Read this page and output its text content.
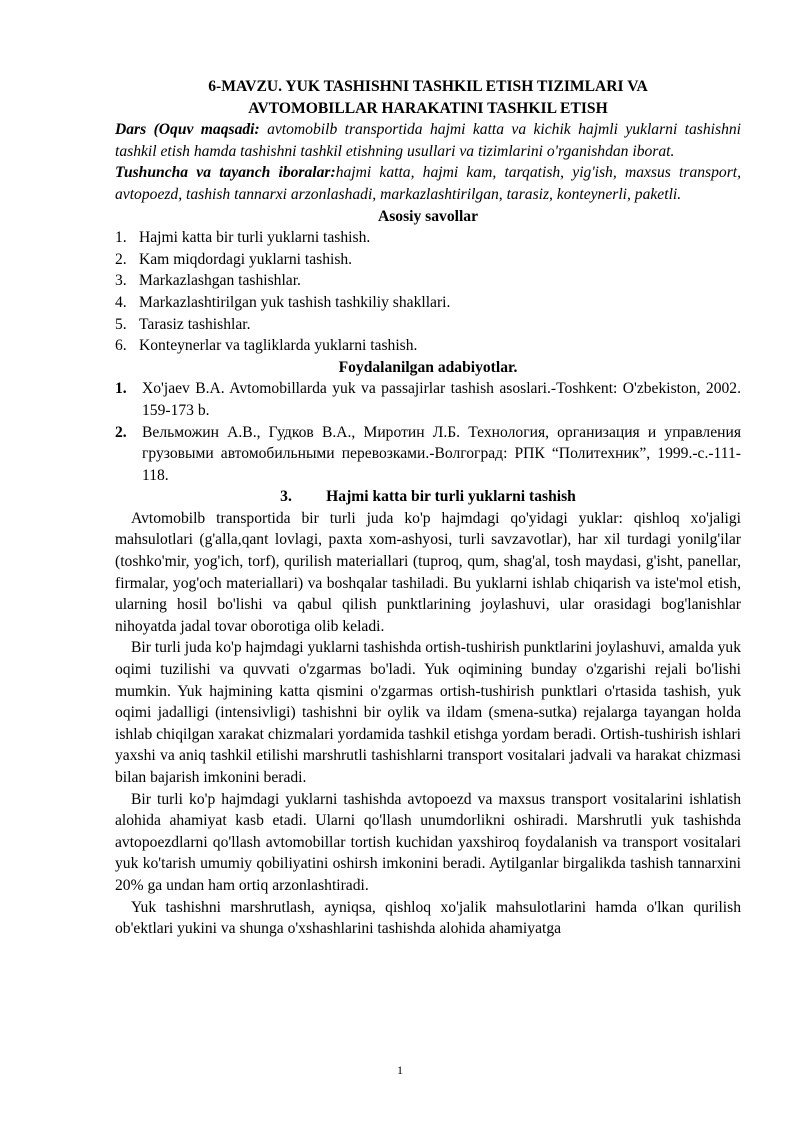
6-MAVZU. YUK TASHISHNI TASHKIL ETISH TIZIMLARI VA

AVTOMOBILLAR HARAKATINI TASHKIL ETISH

Dars (Oquv maqsadi: avtomobilb transportida hajmi katta va kichik hajmli yuklarni tashishni tashkil etish hamda tashishni tashkil etishning usullari va tizimlarini o'rganishdan iborat.

Tushuncha va tayanch iboralar:hajmi katta, hajmi kam, tarqatish, yig'ish, maxsus transport, avtopoezd, tashish tannarxi arzonlashadi, markazlashtirilgan, tarasiz, konteynerli, paketli.

Asosiy savollar

1. Hajmi katta bir turli yuklarni tashish.
2. Kam miqdordagi yuklarni tashish.
3. Markazlashgan tashishlar.
4. Markazlashtirilgan yuk tashish tashkiliy shakllari.
5. Tarasiz tashishlar.
6. Konteynerlar va tagliklarda yuklarni tashish.

Foydalanilgan adabiyotlar.

1. Xo'jaev B.A. Avtomobillarda yuk va passajirlar tashish asoslari.-Toshkent: O'zbekiston, 2002. 159-173 b.
2. Вельможин А.В., Гудков В.А., Миротин Л.Б. Технология, организация и управления грузовыми автомобильными перевозками.-Волгоград: РПК “Политехник”, 1999.-с.-111-118.

3. Hajmi katta bir turli yuklarni tashish

Avtomobilb transportida bir turli juda ko'p hajmdagi qo'yidagi yuklar: qishloq xo'jaligi mahsulotlari (g'alla,qant lovlagi, paxta xom-ashyosi, turli savzavotlar), har xil turdagi yonilg'ilar (toshko'mir, yog'ich, torf), qurilish materiallari (tuproq, qum, shag'al, tosh maydasi, g'isht, panellar, firmalar, yog'och materiallari) va boshqalar tashiladi. Bu yuklarni ishlab chiqarish va iste'mol etish, ularning hosil bo'lishi va qabul qilish punktlarining joylashuvi, ular orasidagi bog'lanishlar nihoyatda jadal tovar oborotiga olib keladi.

Bir turli juda ko'p hajmdagi yuklarni tashishda ortish-tushirish punktlarini joylashuvi, amalda yuk oqimi tuzilishi va quvvati o'zgarmas bo'ladi. Yuk oqimining bunday o'zgarishi rejali bo'lishi mumkin. Yuk hajmining katta qismini o'zgarmas ortish-tushirish punktlari o'rtasida tashish, yuk oqimi jadalligi (intensivligi) tashishni bir oylik va ildam (smena-sutka) rejalarga tayangan holda ishlab chiqilgan xarakat chizmalari yordamida tashkil etishga yordam beradi. Ortish-tushirish ishlari yaxshi va aniq tashkil etilishi marshrutli tashishlarni transport vositalari jadvali va harakat chizmasi bilan bajarish imkonini beradi.

Bir turli ko'p hajmdagi yuklarni tashishda avtopoezd va maxsus transport vositalarini ishlatish alohida ahamiyat kasb etadi. Ularni qo'llash unumdorlikni oshiradi. Marshrutli yuk tashishda avtopoezdlarni qo'llash avtomobillar tortish kuchidan yaxshiroq foydalanish va transport vositalari yuk ko'tarish umumiy qobiliyatini oshirsh imkonini beradi. Aytilganlar birgalikda tashish tannarxini 20% ga undan ham ortiq arzonlashtiradi.

Yuk tashishni marshrutlash, ayniqsa, qishloq xo'jalik mahsulotlarini hamda o'lkan qurilish ob'ektlari yukini va shunga o'xshashlarini tashishda alohida ahamiyatga

1
